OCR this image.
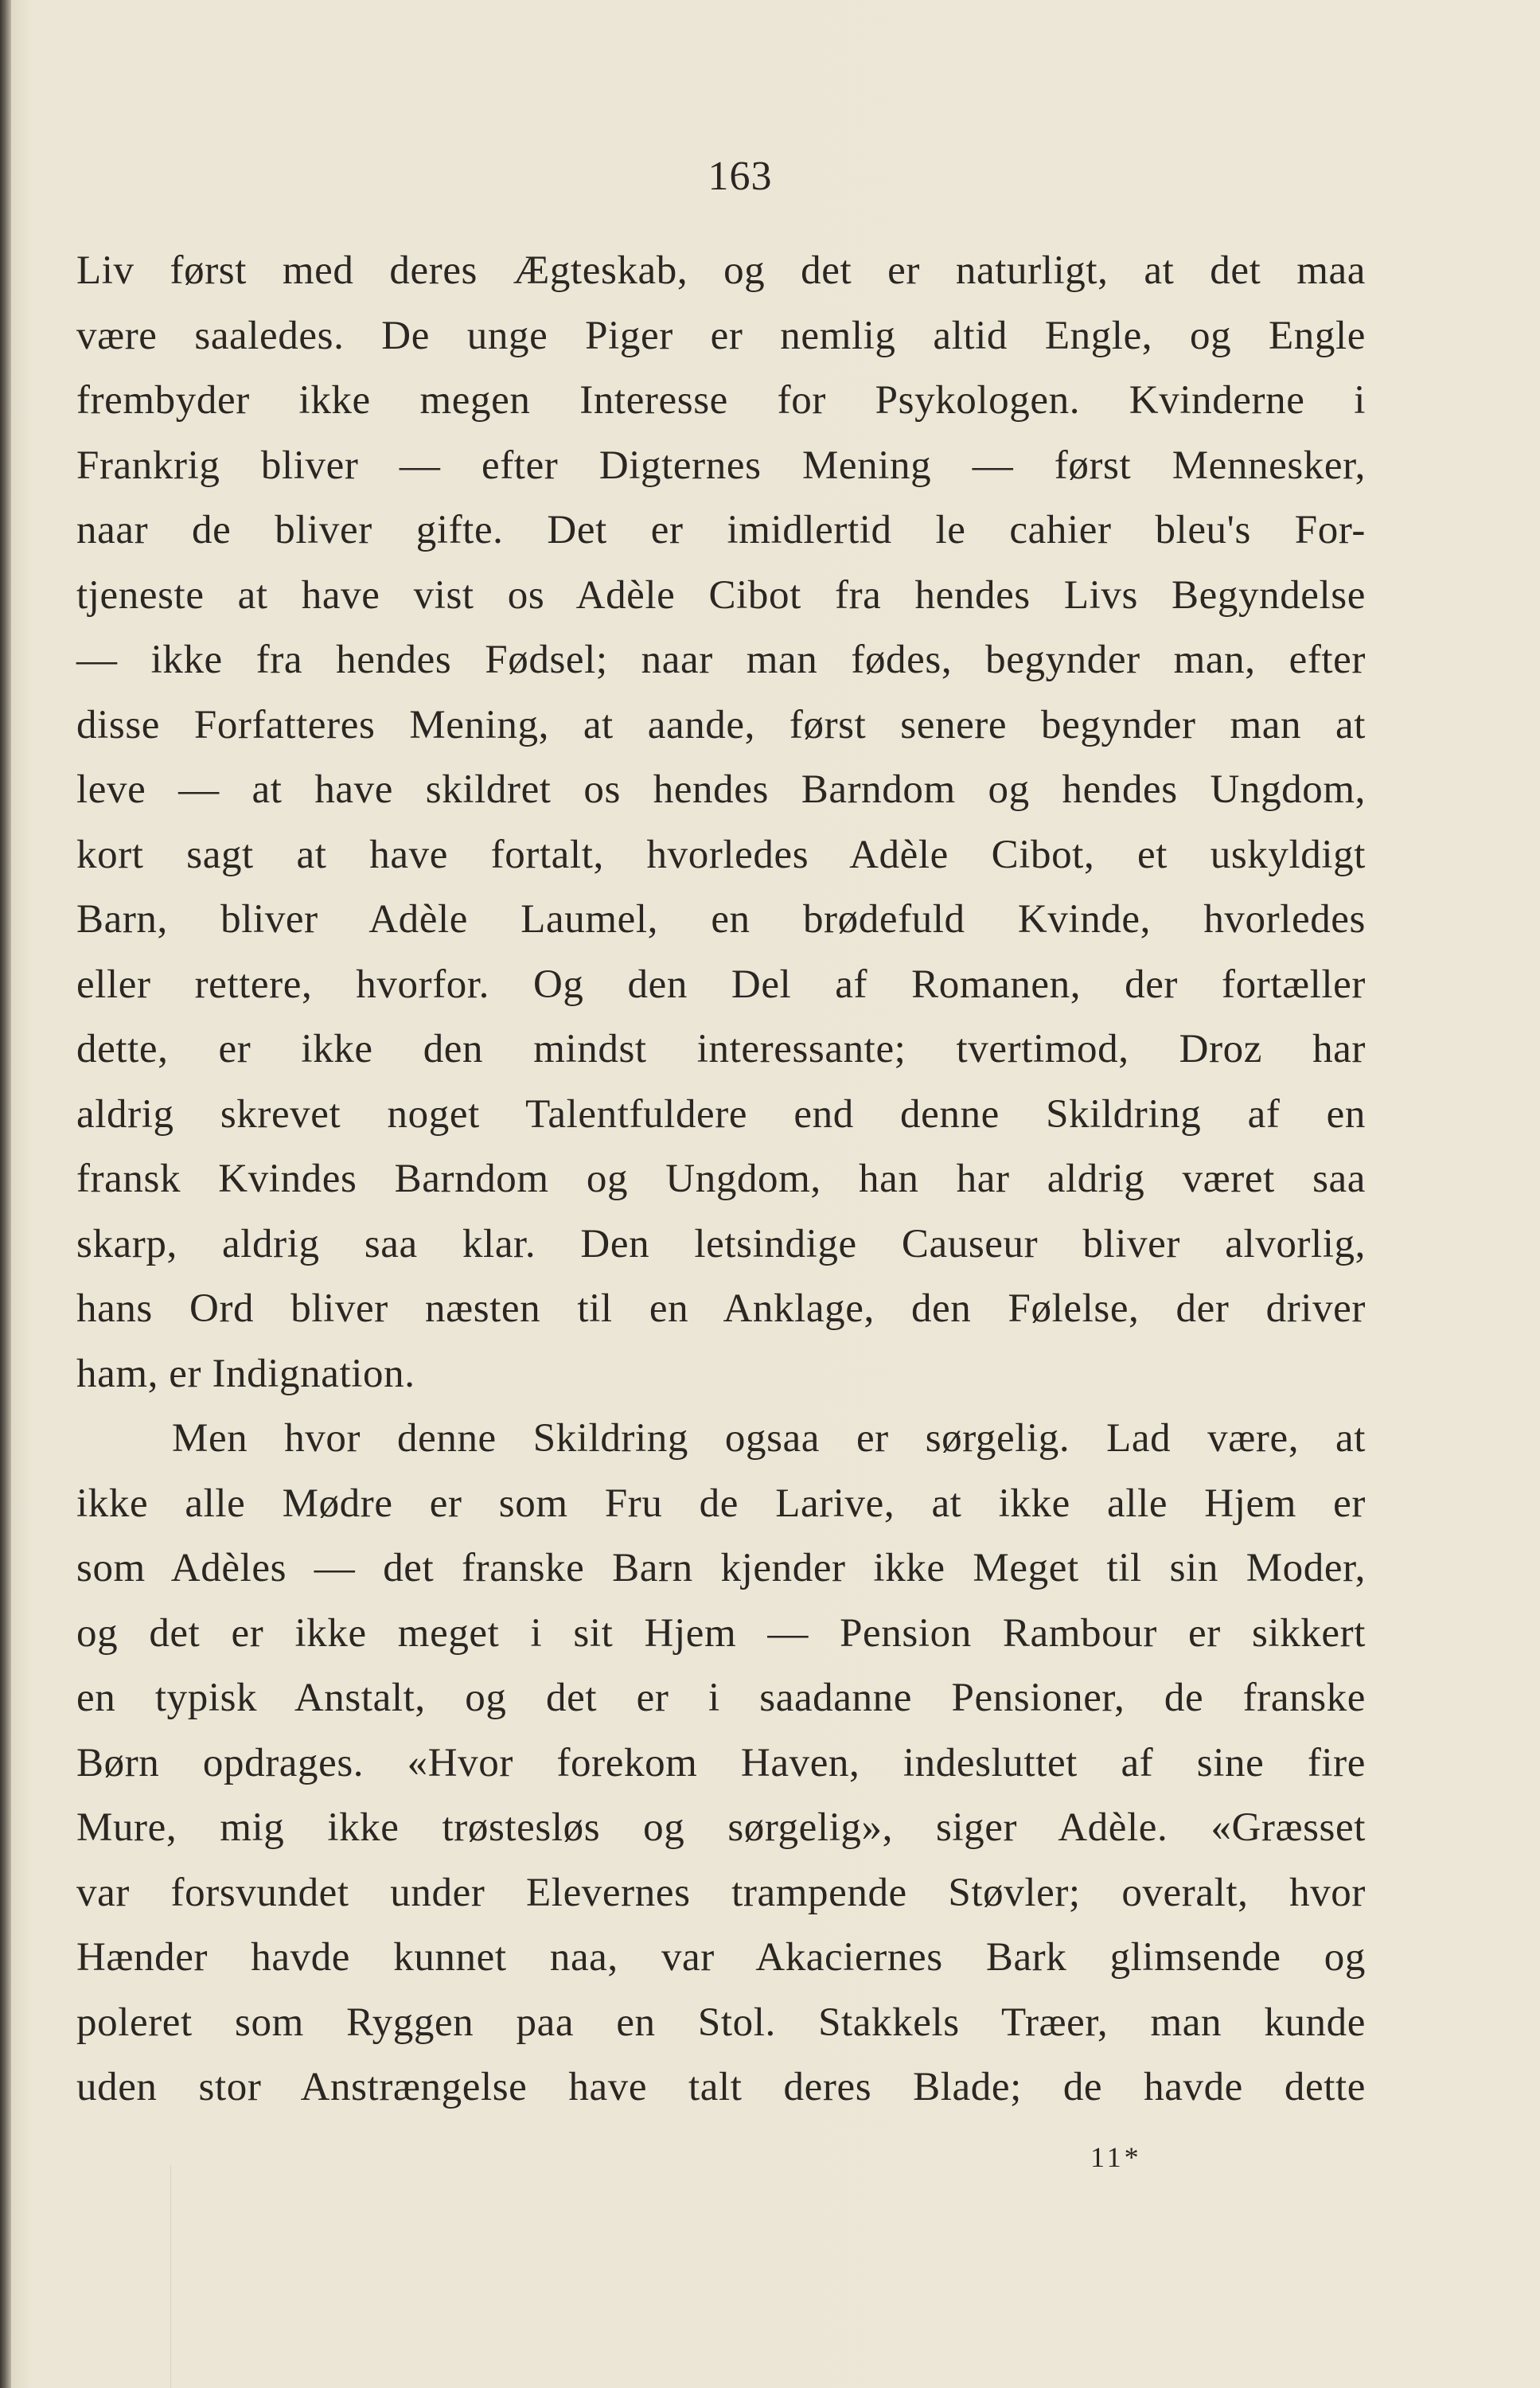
163
Liv først med deres Ægteskab, og det er naturligt, at det maa
være saaledes. De unge Piger er nemlig altid Engle, og Engle
frembyder ikke megen Interesse for Psykologen. Kvinderne i
Frankrig bliver — efter Digternes Mening — først Mennesker,
naar de bliver gifte. Det er imidlertid le cahier bleu's For-
tjeneste at have vist os Adèle Cibot fra hendes Livs Begyndelse
— ikke fra hendes Fødsel; naar man fødes, begynder man, efter
disse Forfatteres Mening, at aande, først senere begynder man at
leve — at have skildret os hendes Barndom og hendes Ungdom,
kort sagt at have fortalt, hvorledes Adèle Cibot, et uskyldigt
Barn, bliver Adèle Laumel, en brødefuld Kvinde, hvorledes
eller rettere, hvorfor. Og den Del af Romanen, der fortæller
dette, er ikke den mindst interessante; tvertimod, Droz har
aldrig skrevet noget Talentfuldere end denne Skildring af en
fransk Kvindes Barndom og Ungdom, han har aldrig været saa
skarp, aldrig saa klar. Den letsindige Causeur bliver alvorlig,
hans Ord bliver næsten til en Anklage, den Følelse, der driver
ham, er Indignation.
Men hvor denne Skildring ogsaa er sørgelig. Lad være, at
ikke alle Mødre er som Fru de Larive, at ikke alle Hjem er
som Adèles — det franske Barn kjender ikke Meget til sin Moder,
og det er ikke meget i sit Hjem — Pension Rambour er sikkert
en typisk Anstalt, og det er i saadanne Pensioner, de franske
Børn opdrages. «Hvor forekom Haven, indesluttet af sine fire
Mure, mig ikke trøstesløs og sørgelig», siger Adèle. «Græsset
var forsvundet under Elevernes trampende Støvler; overalt, hvor
Hænder havde kunnet naa, var Akaciernes Bark glimsende og
poleret som Ryggen paa en Stol. Stakkels Træer, man kunde
uden stor Anstrængelse have talt deres Blade; de havde dette
11*
